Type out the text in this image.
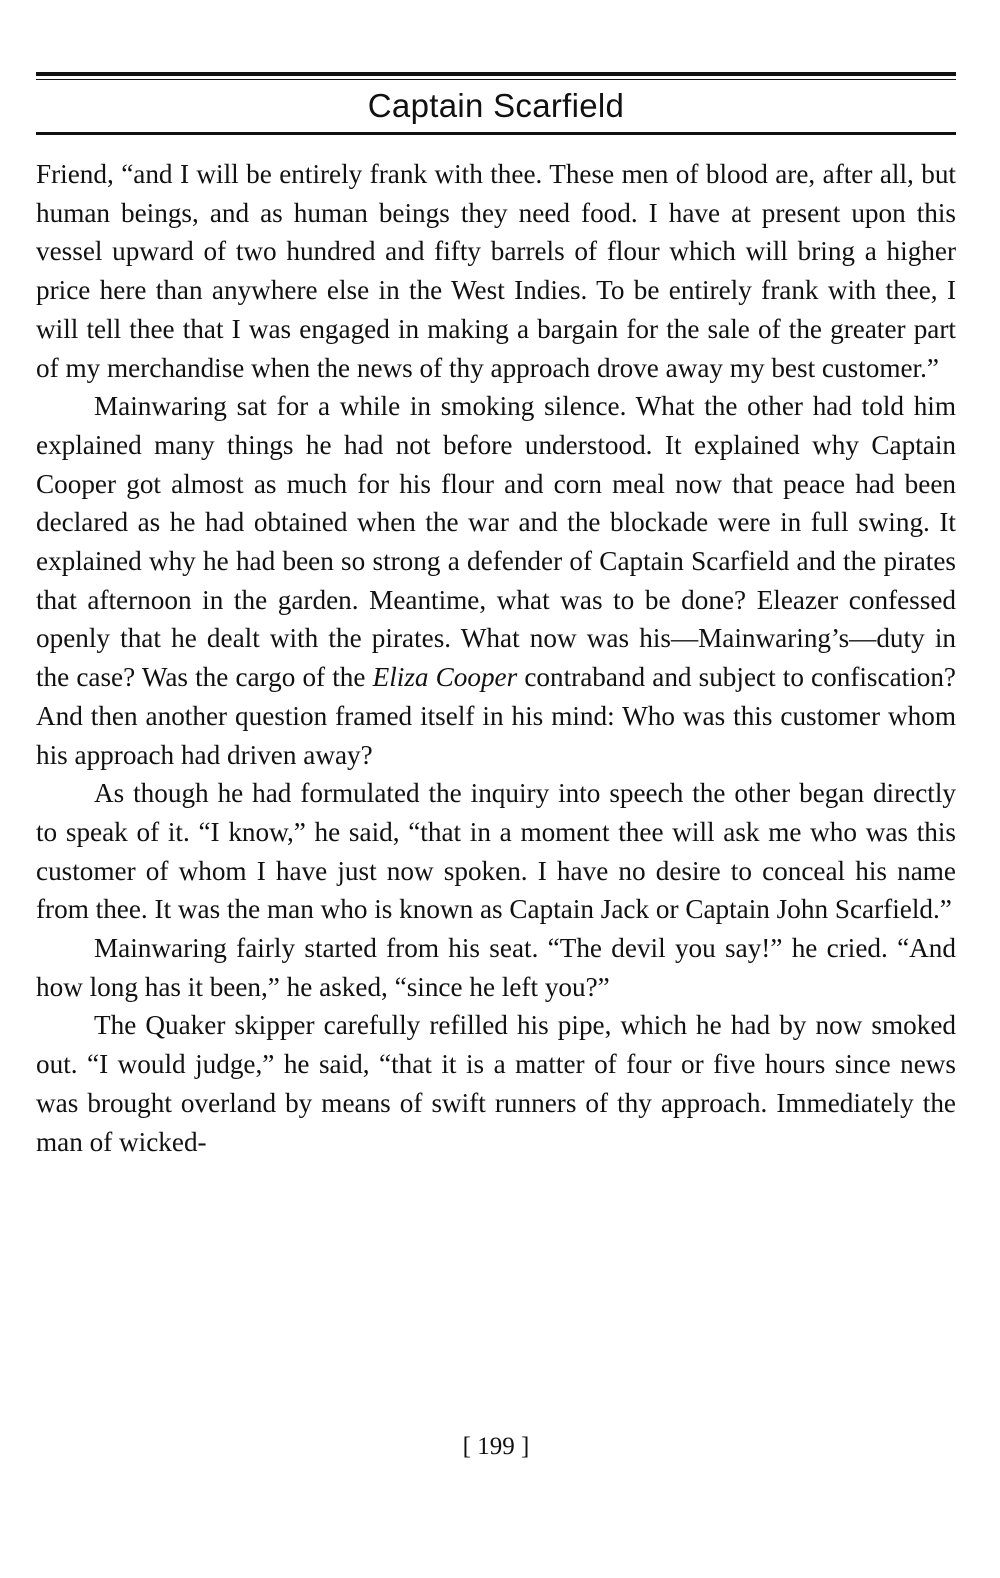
Captain Scarfield

Friend, “and I will be entirely frank with thee. These men of blood are, after all, but human beings, and as human beings they need food. I have at present upon this vessel upward of two hundred and fifty barrels of flour which will bring a higher price here than anywhere else in the West Indies. To be entirely frank with thee, I will tell thee that I was engaged in making a bargain for the sale of the greater part of my merchandise when the news of thy approach drove away my best customer.”

Mainwaring sat for a while in smoking silence. What the other had told him explained many things he had not before understood. It explained why Captain Cooper got almost as much for his flour and corn meal now that peace had been declared as he had obtained when the war and the blockade were in full swing. It explained why he had been so strong a defender of Captain Scarfield and the pirates that afternoon in the garden. Meantime, what was to be done? Eleazer confessed openly that he dealt with the pirates. What now was his—Mainwaring’s—duty in the case? Was the cargo of the Eliza Cooper contraband and subject to confiscation? And then another question framed itself in his mind: Who was this customer whom his approach had driven away?

As though he had formulated the inquiry into speech the other began directly to speak of it. “I know,” he said, “that in a moment thee will ask me who was this customer of whom I have just now spoken. I have no desire to conceal his name from thee. It was the man who is known as Captain Jack or Captain John Scarfield.”

Mainwaring fairly started from his seat. “The devil you say!” he cried. “And how long has it been,” he asked, “since he left you?”

The Quaker skipper carefully refilled his pipe, which he had by now smoked out. “I would judge,” he said, “that it is a matter of four or five hours since news was brought overland by means of swift runners of thy approach. Immediately the man of wicked-

[ 199 ]
